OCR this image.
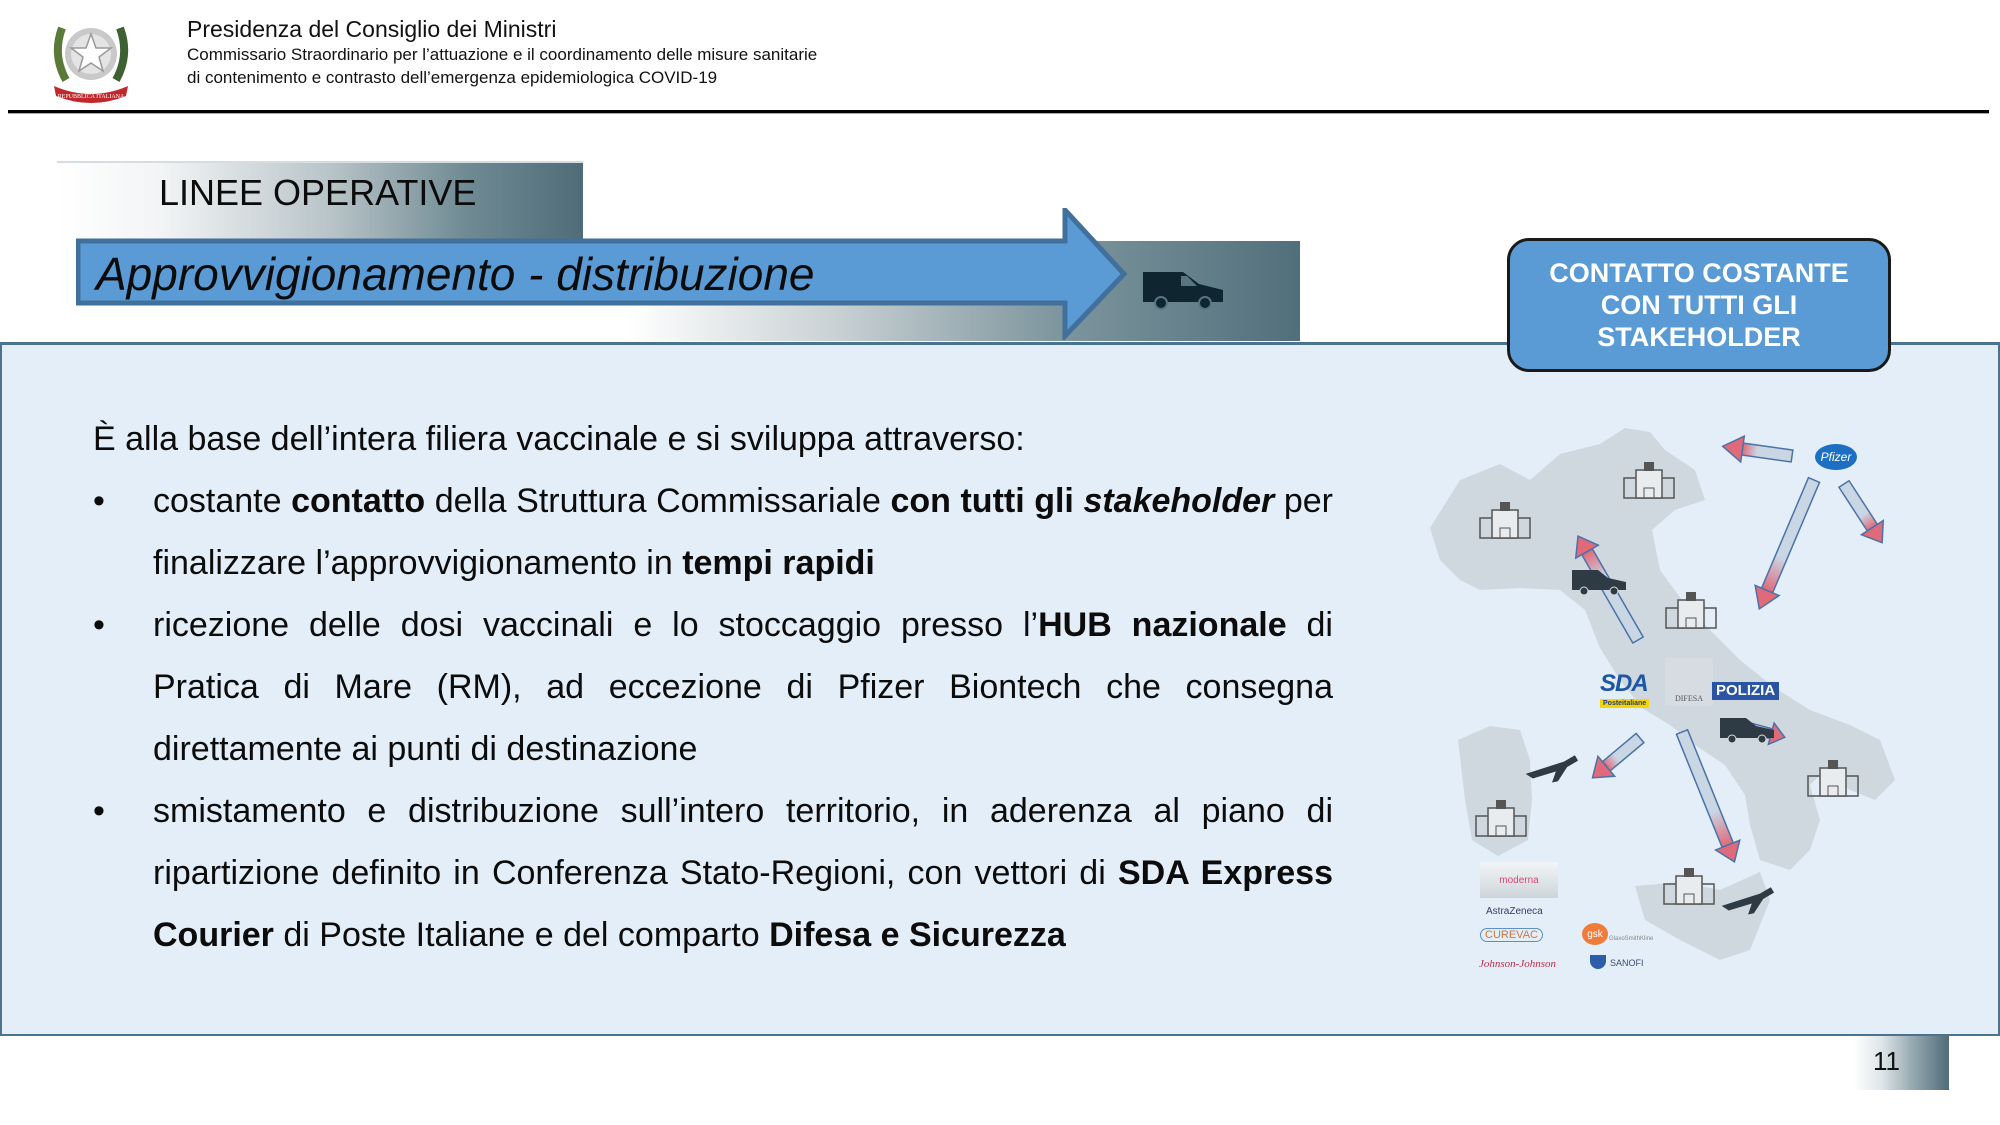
REPUBBLICA ITALIANA
Presidenza del Consiglio dei Ministri
Commissario Straordinario per l’attuazione e il coordinamento delle misure sanitarie
di contenimento e contrasto dell’emergenza epidemiologica COVID-19
LINEE OPERATIVE
Approvvigionamento - distribuzione	CONTATTO COSTANTE CON TUTTI GLI STAKEHOLDER
È alla base dell’intera filiera vaccinale e si sviluppa attraverso:
• costante contatto della Struttura Commissariale con tutti gli stakeholder per finalizzare l’approvvigionamento in tempi rapidi
• ricezione delle dosi vaccinali e lo stoccaggio presso l’HUB nazionale di Pratica di Mare (RM), ad eccezione di Pfizer Biontech che consegna direttamente ai punti di destinazione
• smistamento e distribuzione sull’intero territorio, in aderenza al piano di ripartizione definito in Conferenza Stato-Regioni, con vettori di SDA Express Courier di Poste Italiane e del comparto Difesa e Sicurezza
Pfizer
SDA
Posteitaliane
DIFESA POLIZIA
moderna
AstraZeneca
CUREVAC
Johnson-Johnson
gsk	GlaxoSmithKline
SANOFI
11
